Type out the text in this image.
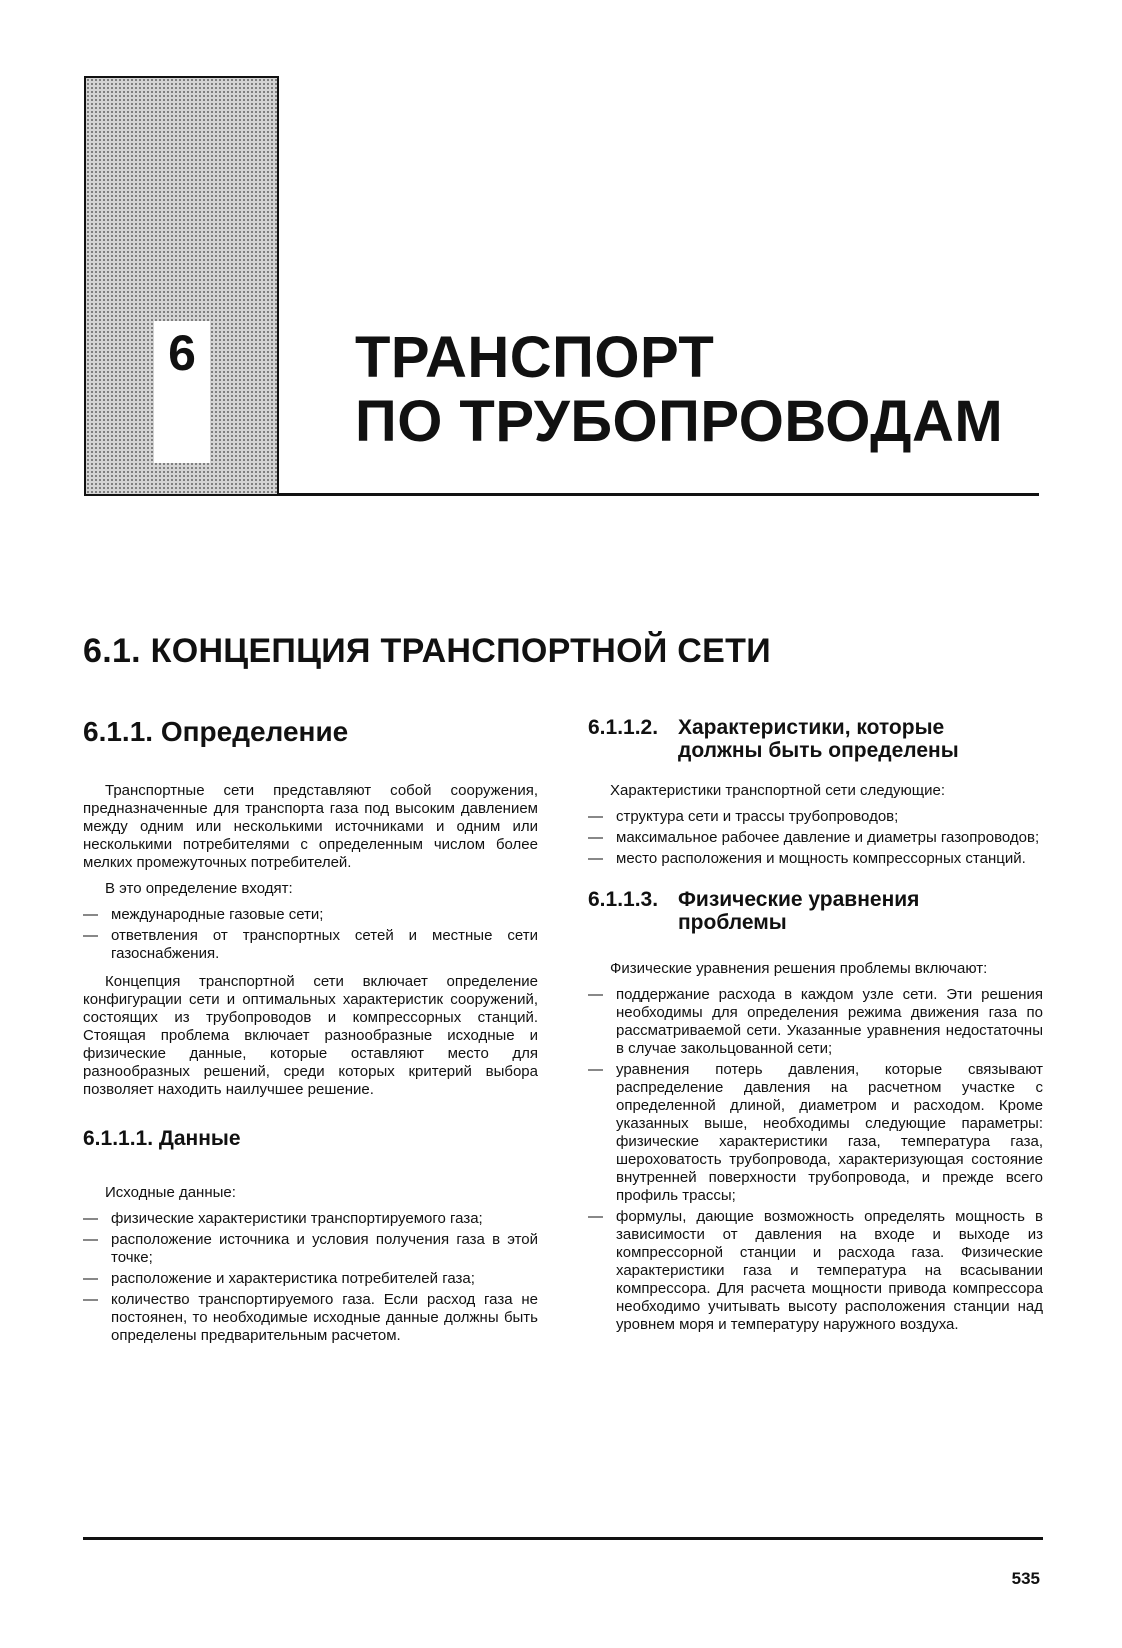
6	ТРАНСПОРТ
ПО ТРУБОПРОВОДАМ
6.1. КОНЦЕПЦИЯ ТРАНСПОРТНОЙ СЕТИ
6.1.1. Определение

Транспортные сети представляют собой сооружения, предназначенные для транспорта газа под высоким давлением между одним или несколькими источниками и одним или несколькими потребителями с определенным числом более мелких промежуточных потребителей.

В это определение входят:

— международные газовые сети;
— ответвления от транспортных сетей и местные сети газоснабжения.

Концепция транспортной сети включает определение конфигурации сети и оптимальных характеристик сооружений, состоящих из трубопроводов и компрессорных станций. Стоящая проблема включает разнообразные исходные и физические данные, которые оставляют место для разнообразных решений, среди которых критерий выбора позволяет находить наилучшее решение.

6.1.1.1. Данные

Исходные данные:

— физические характеристики транспортируемого газа;
— расположение источника и условия получения газа в этой точке;
— расположение и характеристика потребителей газа;
— количество транспортируемого газа. Если расход газа не постоянен, то необходимые исходные данные должны быть определены предварительным расчетом.
6.1.1.2. Характеристики, которые
должны быть определены

Характеристики транспортной сети следующие:

— структура сети и трассы трубопроводов;
— максимальное рабочее давление и диаметры газопроводов;
— место расположения и мощность компрессорных станций.
6.1.1.3. Физические уравнения
проблемы

Физические уравнения решения проблемы включают:

— поддержание расхода в каждом узле сети. Эти решения необходимы для определения режима движения газа по рассматриваемой сети. Указанные уравнения недостаточны в случае закольцованной сети;
— уравнения потерь давления, которые связывают распределение давления на расчетном участке с определенной длиной, диаметром и расходом. Кроме указанных выше, необходимы следующие параметры: физические характеристики газа, температура газа, шероховатость трубопровода, характеризующая состояние внутренней поверхности трубопровода, и прежде всего профиль трассы;
— формулы, дающие возможность определять мощность в зависимости от давления на входе и выходе из компрессорной станции и расхода газа. Физические характеристики газа и температура на всасывании компрессора. Для расчета мощности привода компрессора необходимо учитывать высоту расположения станции над уровнем моря и температуру наружного воздуха.
535
